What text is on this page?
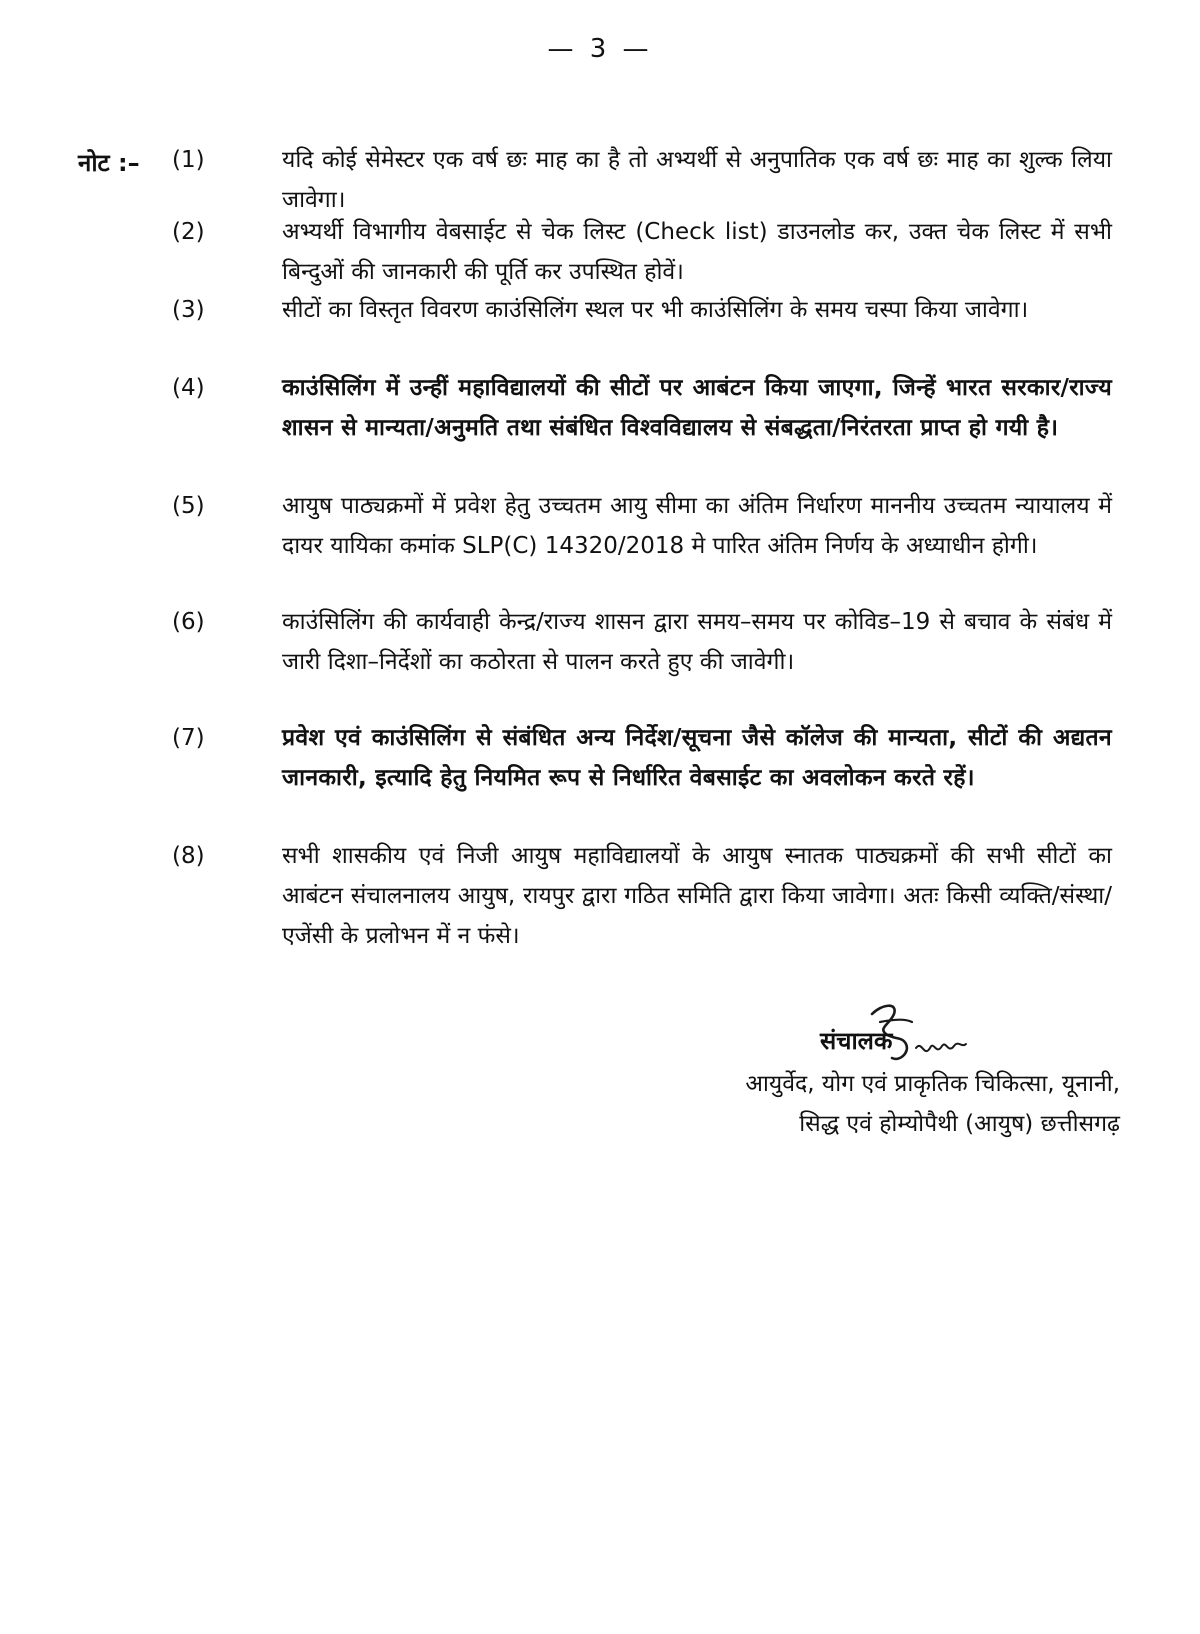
— 3 —
नोट :– (1)	यदि कोई सेमेस्टर एक वर्ष छः माह का है तो अभ्यर्थी से अनुपातिक एक वर्ष छः माह का शुल्क लिया जावेगा।
(2)	अभ्यर्थी विभागीय वेबसाईट से चेक लिस्ट (Check list) डाउनलोड कर, उक्त चेक लिस्ट में सभी बिन्दुओं की जानकारी की पूर्ति कर उपस्थित होवें।
(3)	सीटों का विस्तृत विवरण काउंसिलिंग स्थल पर भी काउंसिलिंग के समय चस्पा किया जावेगा।
(4)	काउंसिलिंग में उन्हीं महाविद्यालयों की सीटों पर आबंटन किया जाएगा, जिन्हें भारत सरकार/राज्य शासन से मान्यता/अनुमति तथा संबंधित विश्वविद्यालय से संबद्धता/निरंतरता प्राप्त हो गयी है।
(5)	आयुष पाठ्यक्रमों में प्रवेश हेतु उच्चतम आयु सीमा का अंतिम निर्धारण माननीय उच्चतम न्यायालय में दायर यायिका कमांक SLP(C) 14320/2018 मे पारित अंतिम निर्णय के अध्याधीन होगी।
(6)	काउंसिलिंग की कार्यवाही केन्द्र/राज्य शासन द्वारा समय–समय पर कोविड–19 से बचाव के संबंध में जारी दिशा–निर्देशों का कठोरता से पालन करते हुए की जावेगी।
(7)	प्रवेश एवं काउंसिलिंग से संबंधित अन्य निर्देश/सूचना जैसे कॉलेज की मान्यता, सीटों की अद्यतन जानकारी, इत्यादि हेतु नियमित रूप से निर्धारित वेबसाईट का अवलोकन करते रहें।
(8)	सभी शासकीय एवं निजी आयुष महाविद्यालयों के आयुष स्नातक पाठ्यक्रमों की सभी सीटों का आबंटन संचालनालय आयुष, रायपुर द्वारा गठित समिति द्वारा किया जावेगा। अतः किसी व्यक्ति/संस्था/एजेंसी के प्रलोभन में न फंसे।
संचालक
आयुर्वेद, योग एवं प्राकृतिक चिकित्सा, यूनानी,
सिद्ध एवं होम्योपैथी (आयुष) छत्तीसगढ़
